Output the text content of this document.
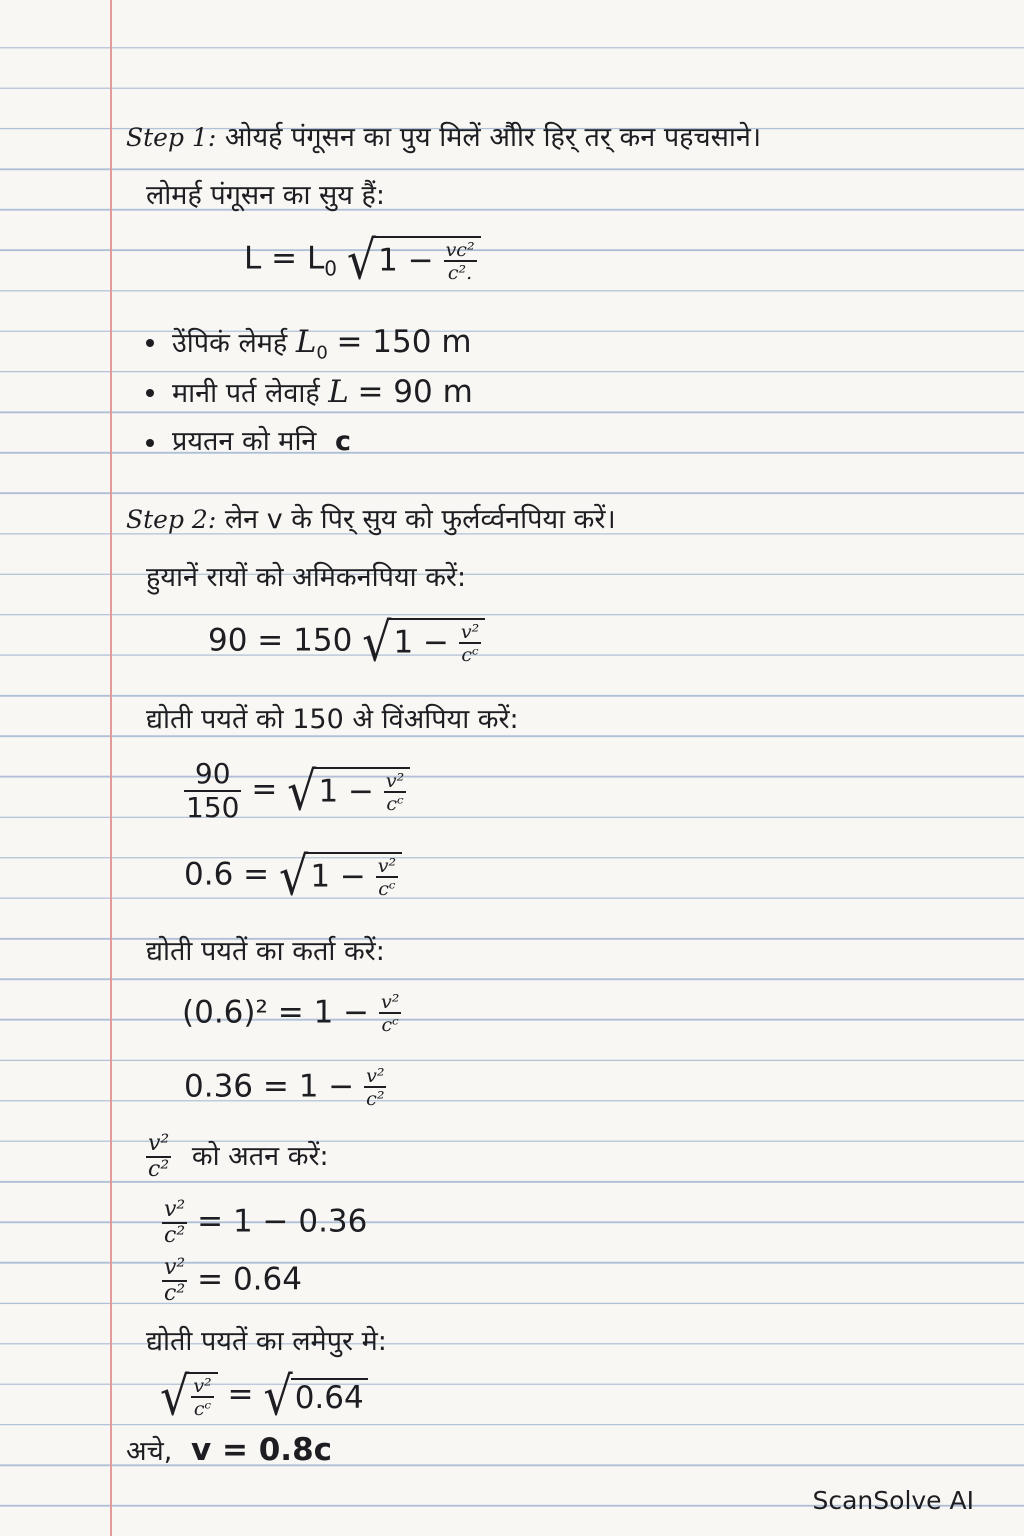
Step 1: ओयर्ह पंगूसन का पुय मिलें औीर हिर् तर् कन पहचसाने।
लोमर्ह पंगूसन का सुय हैं:
$L = L_0$ $√1 - \frac{\text{vc²}}{\text{c².}}$
उेंपिकं लेमर्ह $L_0 = 150$ m
मानी पर्त लेवार्ह L = 90 m
प्रयतन को मनि c
Step 2: लेन v के पिर् सुय को फुर्लर्व्वनपिया करें।
हुयानें रायों को अमिकनपिया करें:
90 = 150 $√1 - \frac{\text{v²}}{\text{cᶜ}}$
द्योती पयतें को 150 अे विंअपिया करें:
$\frac{90}{150} = √1 - \frac{\text{v²}}{\text{cᶜ}}$
$0.6 = √1 - \frac{\text{v²}}{\text{cᶜ}}$
द्योती पयतें का कर्ता करें:
$(0.6)^2 = 1 - \frac{\text{v²}}{\text{cᶜ}}$
$0.36 = 1 - \frac{\text{v²}}{\text{c²}}$
$\frac{\text{v²}}{\text{c²}}$ को अतन करें:
$\frac{\text{v²}}{\text{c²}} = 1 - 0.36$
$\frac{\text{v²}}{\text{c²}} = 0.64$
द्योती पयतें का लमेपुर मे:
√ $\frac{\text{v²}}{\text{cᶜ}} = √0.64$
अचे, v = 0.8c
ScanSolve AI
